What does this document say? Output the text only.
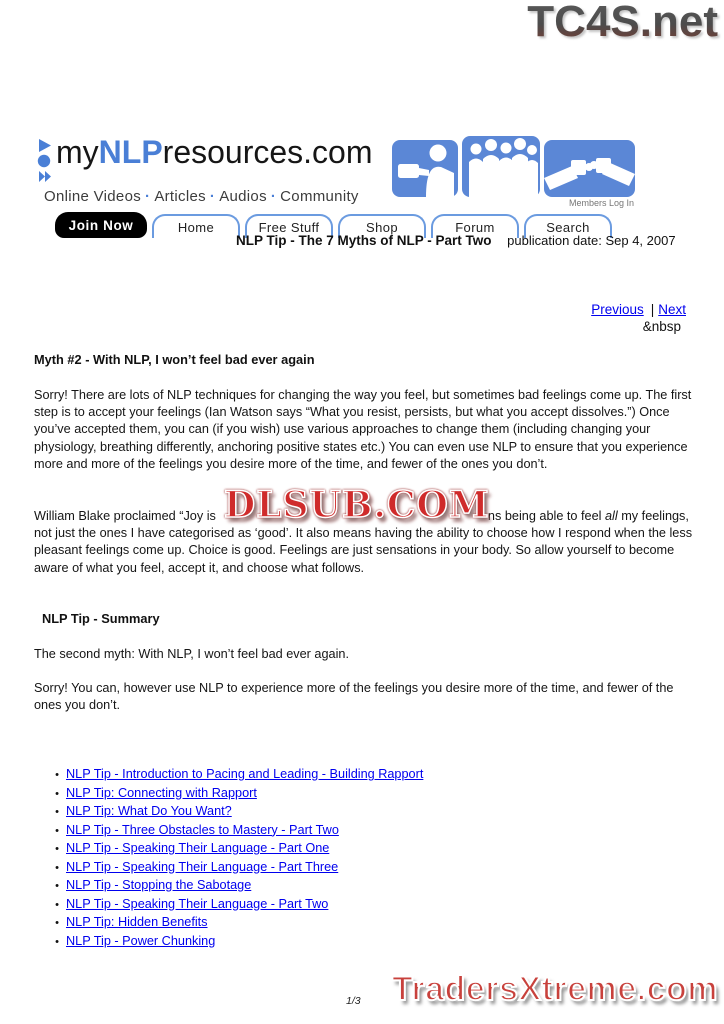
TC4S.net
myNLPresources.com
Online Videos · Articles · Audios · Community	Members Log In
Join Now	Home	Free Stuff	Shop	Forum	Search
NLP Tip - The 7 Myths of NLP - Part Two publication date: Sep 4, 2007
Previous | Next
&nbsp
Myth #2 - With NLP, I won’t feel bad ever again
Sorry! There are lots of NLP techniques for changing the way you feel, but sometimes bad feelings come up. The first step is to accept your feelings (Ian Watson says “What you resist, persists, but what you accept dissolves.”) Once you’ve accepted them, you can (if you wish) use various approaches to change them (including changing your physiology, breathing differently, anchoring positive states etc.) You can even use NLP to ensure that you experience more and more of the feelings you desire more of the time, and fewer of the ones you don’t.
William Blake proclaimed “Joy is	ns being able to feel all my feelings, not just the ones I have categorised as ‘good’. It also means having the ability to choose how I respond when the less pleasant feelings come up. Choice is good. Feelings are just sensations in your body. So allow yourself to become aware of what you feel, accept it, and choose what follows.
DLSUB.COM
NLP Tip - Summary
The second myth: With NLP, I won’t feel bad ever again.
Sorry! You can, however use NLP to experience more of the feelings you desire more of the time, and fewer of the ones you don’t.
• NLP Tip - Introduction to Pacing and Leading - Building Rapport
• NLP Tip: Connecting with Rapport
• NLP Tip: What Do You Want?
• NLP Tip - Three Obstacles to Mastery - Part Two
• NLP Tip - Speaking Their Language - Part One
• NLP Tip - Speaking Their Language - Part Three
• NLP Tip - Stopping the Sabotage
• NLP Tip - Speaking Their Language - Part Two
• NLP Tip: Hidden Benefits
• NLP Tip - Power Chunking
1/3 TradersXtreme.com
